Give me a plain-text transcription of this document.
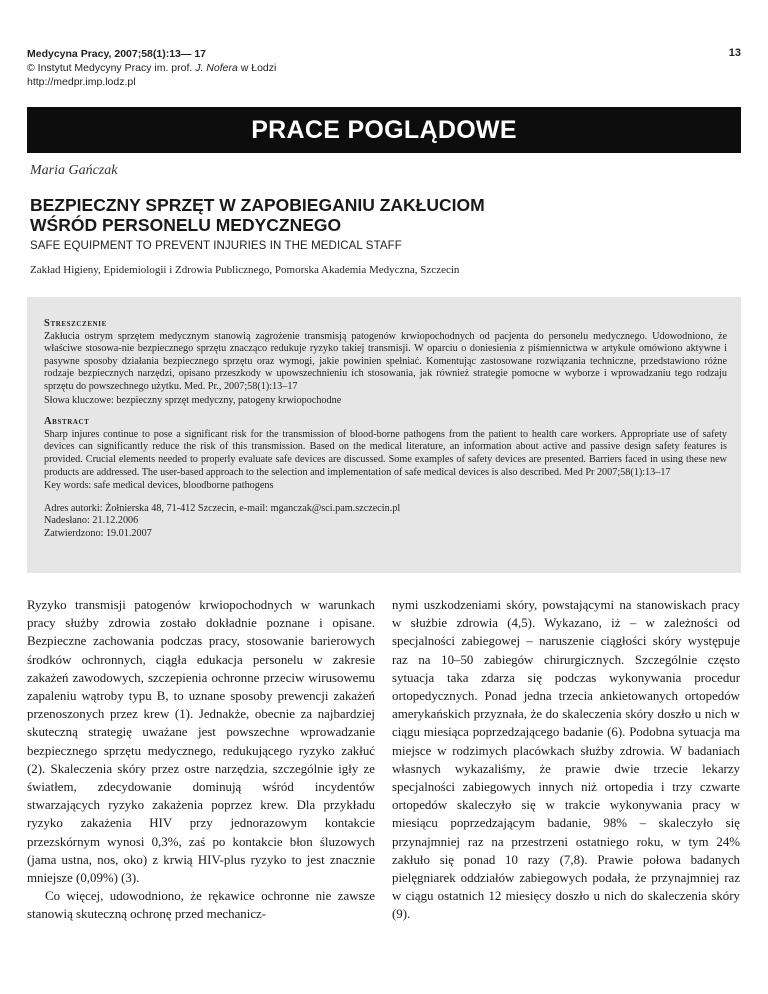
Medycyna Pracy, 2007;58(1):13— 17
© Instytut Medycyny Pracy im. prof. J. Nofera w Łodzi
http://medpr.imp.lodz.pl
13
PRACE POGLĄDOWE
Maria Gańczak
BEZPIECZNY SPRZĘT W ZAPOBIEGANIU ZAKŁUCIOM
WŚRÓD PERSONELU MEDYCZNEGO
SAFE EQUIPMENT TO PREVENT INJURIES IN THE MEDICAL STAFF
Zakład Higieny, Epidemiologii i Zdrowia Publicznego, Pomorska Akademia Medyczna, Szczecin

Streszczenie

Zakłucia ostrym sprzętem medycznym stanowią zagrożenie transmisją patogenów krwiopochodnych od pacjenta do personelu medycznego. Udowodniono, że właściwe stosowa-nie bezpiecznego sprzętu znacząco redukuje ryzyko takiej transmisji. W oparciu o doniesienia z piśmiennictwa w artykule omówiono aktywne i pasywne sposoby działania bezpiecznego sprzętu oraz wymogi, jakie powinien spełniać. Komentując zastosowane rozwiązania techniczne, przedstawiono różne rodzaje bezpiecznych narzędzi, opisano przeszkody w upowszechnieniu ich stosowania, jak również strategie pomocne w wyborze i wprowadzaniu tego rodzaju sprzętu do powszechnego użytku. Med. Pr., 2007;58(1):13–17

Słowa kluczowe: bezpieczny sprzęt medyczny, patogeny krwiopochodne

Abstract

Sharp injures continue to pose a significant risk for the transmission of blood-borne pathogens from the patient to health care workers. Appropriate use of safety devices can significantly reduce the risk of this transmission. Based on the medical literature, an information about active and passive design safety features is provided. Crucial elements needed to properly evaluate safe devices are discussed. Some examples of safety devices are presented. Barriers faced in using these new products are addressed. The user-based approach to the selection and implementation of safe medical devices is also described. Med Pr 2007;58(1):13–17

Key words: safe medical devices, bloodborne pathogens

Adres autorki: Żołnierska 48, 71-412 Szczecin, e-mail: mganczak@sci.pam.szczecin.pl

Nadesłano: 21.12.2006

Zatwierdzono: 19.01.2007

Ryzyko transmisji patogenów krwiopochodnych w warunkach pracy służby zdrowia zostało dokładnie poznane i opisane. Bezpieczne zachowania podczas pracy, stosowanie barierowych środków ochronnych, ciągła edukacja personelu w zakresie zakażeń zawodowych, szczepienia ochronne przeciw wirusowemu zapaleniu wątroby typu B, to uznane sposoby prewencji zakażeń przenoszonych przez krew (1). Jednakże, obecnie za najbardziej skuteczną strategię uważane jest powszechne wprowadzanie bezpiecznego sprzętu medycznego, redukującego ryzyko zakłuć (2). Skaleczenia skóry przez ostre narzędzia, szczególnie igły ze światłem, zdecydowanie dominują wśród incydentów stwarzających ryzyko zakażenia poprzez krew. Dla przykładu ryzyko zakażenia HIV przy jednorazowym kontakcie przezskórnym wynosi 0,3%, zaś po kontakcie błon śluzowych (jama ustna, nos, oko) z krwią HIV-plus ryzyko to jest znacznie mniejsze (0,09%) (3).

Co więcej, udowodniono, że rękawice ochronne nie zawsze stanowią skuteczną ochronę przed mechanicz-

nymi uszkodzeniami skóry, powstającymi na stanowiskach pracy w służbie zdrowia (4,5). Wykazano, iż – w zależności od specjalności zabiegowej – naruszenie ciągłości skóry występuje raz na 10–50 zabiegów chirurgicznych. Szczególnie często sytuacja taka zdarza się podczas wykonywania procedur ortopedycznych. Ponad jedna trzecia ankietowanych ortopedów amerykańskich przyznała, że do skaleczenia skóry doszło u nich w ciągu miesiąca poprzedzającego badanie (6). Podobna sytuacja ma miejsce w rodzimych placówkach służby zdrowia. W badaniach własnych wykazaliśmy, że prawie dwie trzecie lekarzy specjalności zabiegowych innych niż ortopedia i trzy czwarte ortopedów skaleczyło się w trakcie wykonywania pracy w miesiącu poprzedzającym badanie, 98% – skaleczyło się przynajmniej raz na przestrzeni ostatniego roku, w tym 24% zakłuło się ponad 10 razy (7,8). Prawie połowa badanych pielęgniarek oddziałów zabiegowych podała, że przynajmniej raz w ciągu ostatnich 12 miesięcy doszło u nich do skaleczenia skóry (9).
